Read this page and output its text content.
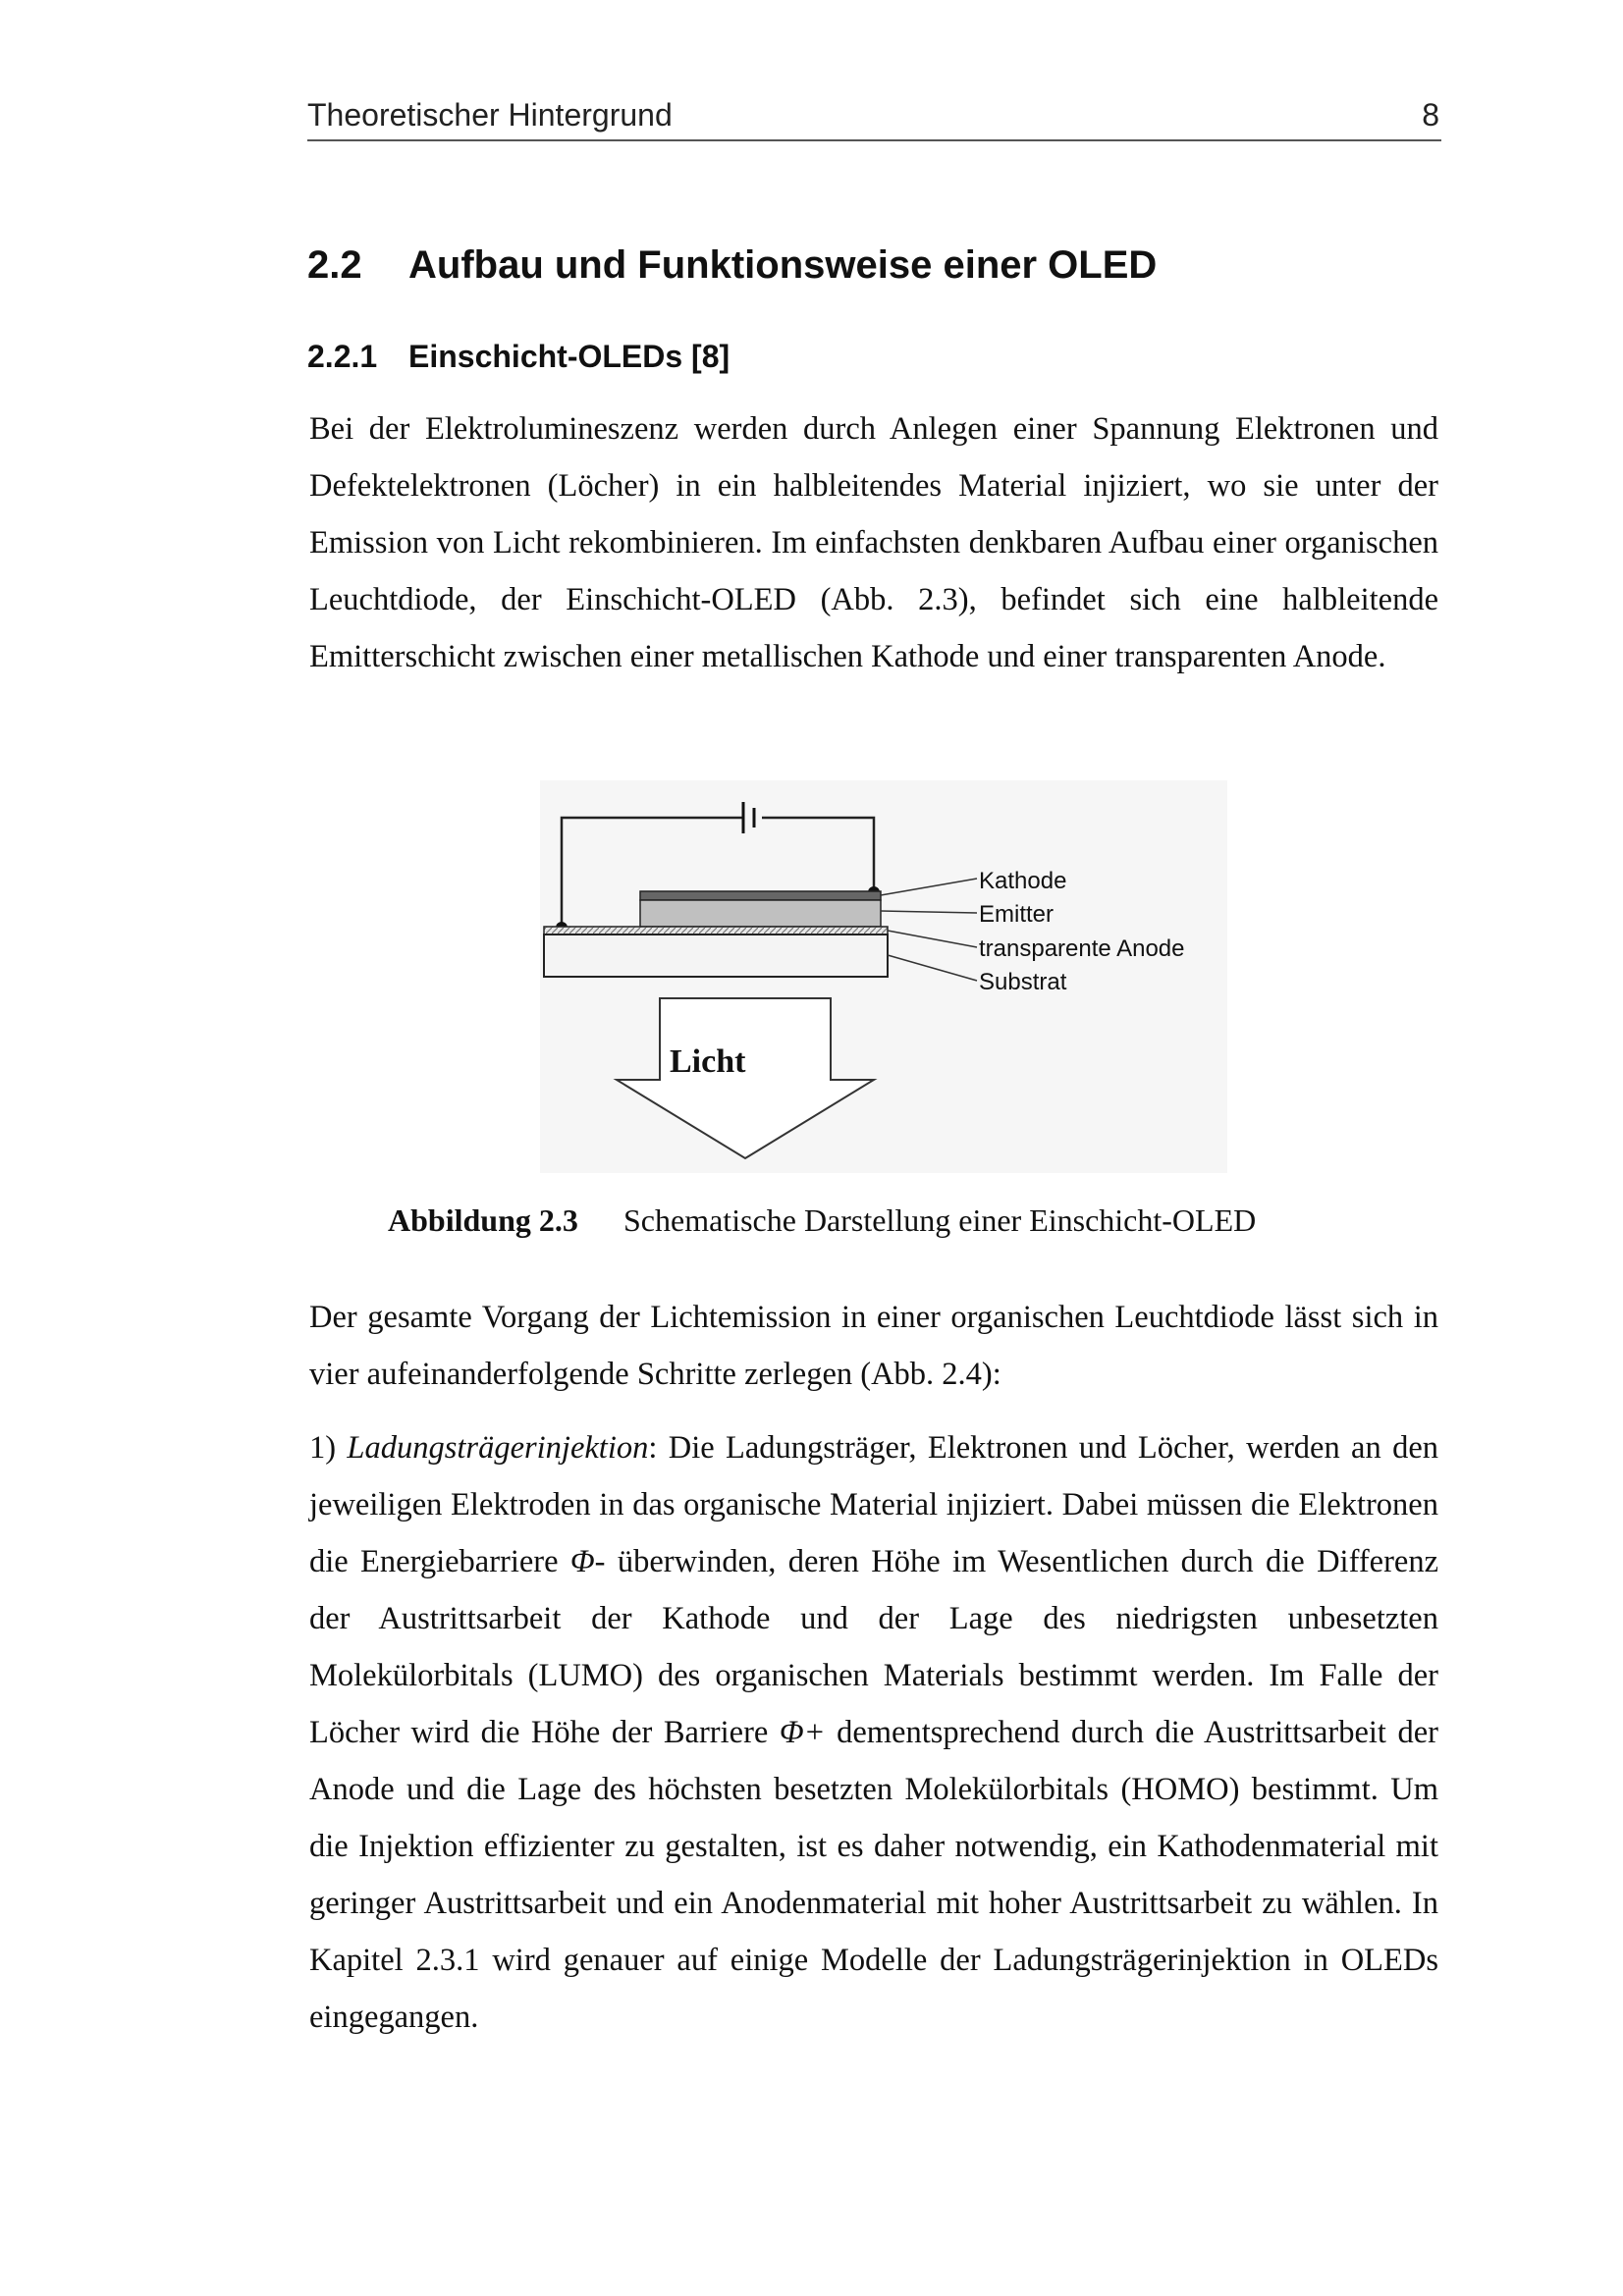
Theoretischer Hintergrund	8
2.2 Aufbau und Funktionsweise einer OLED
2.2.1 Einschicht-OLEDs [8]

Bei der Elektrolumineszenz werden durch Anlegen einer Spannung Elektronen und Defektelektronen (Löcher) in ein halbleitendes Material injiziert, wo sie unter der Emission von Licht rekombinieren. Im einfachsten denkbaren Aufbau einer organischen Leuchtdiode, der Einschicht-OLED (Abb. 2.3), befindet sich eine halbleitende Emitterschicht zwischen einer metallischen Kathode und einer transparenten Anode.

Kathode
Emitter
transparente Anode
Substrat
Licht

Abbildung 2.3 Schematische Darstellung einer Einschicht-OLED

Der gesamte Vorgang der Lichtemission in einer organischen Leuchtdiode lässt sich in vier aufeinanderfolgende Schritte zerlegen (Abb. 2.4):

1) Ladungsträgerinjektion: Die Ladungsträger, Elektronen und Löcher, werden an den jeweiligen Elektroden in das organische Material injiziert. Dabei müssen die Elektronen die Energiebarriere Φ- überwinden, deren Höhe im Wesentlichen durch die Differenz der Austrittsarbeit der Kathode und der Lage des niedrigsten unbesetzten Molekülorbitals (LUMO) des organischen Materials bestimmt werden. Im Falle der Löcher wird die Höhe der Barriere Φ+ dementsprechend durch die Austrittsarbeit der Anode und die Lage des höchsten besetzten Molekülorbitals (HOMO) bestimmt. Um die Injektion effizienter zu gestalten, ist es daher notwendig, ein Kathodenmaterial mit geringer Austrittsarbeit und ein Anodenmaterial mit hoher Austrittsarbeit zu wählen. In Kapitel 2.3.1 wird genauer auf einige Modelle der Ladungsträgerinjektion in OLEDs eingegangen.
